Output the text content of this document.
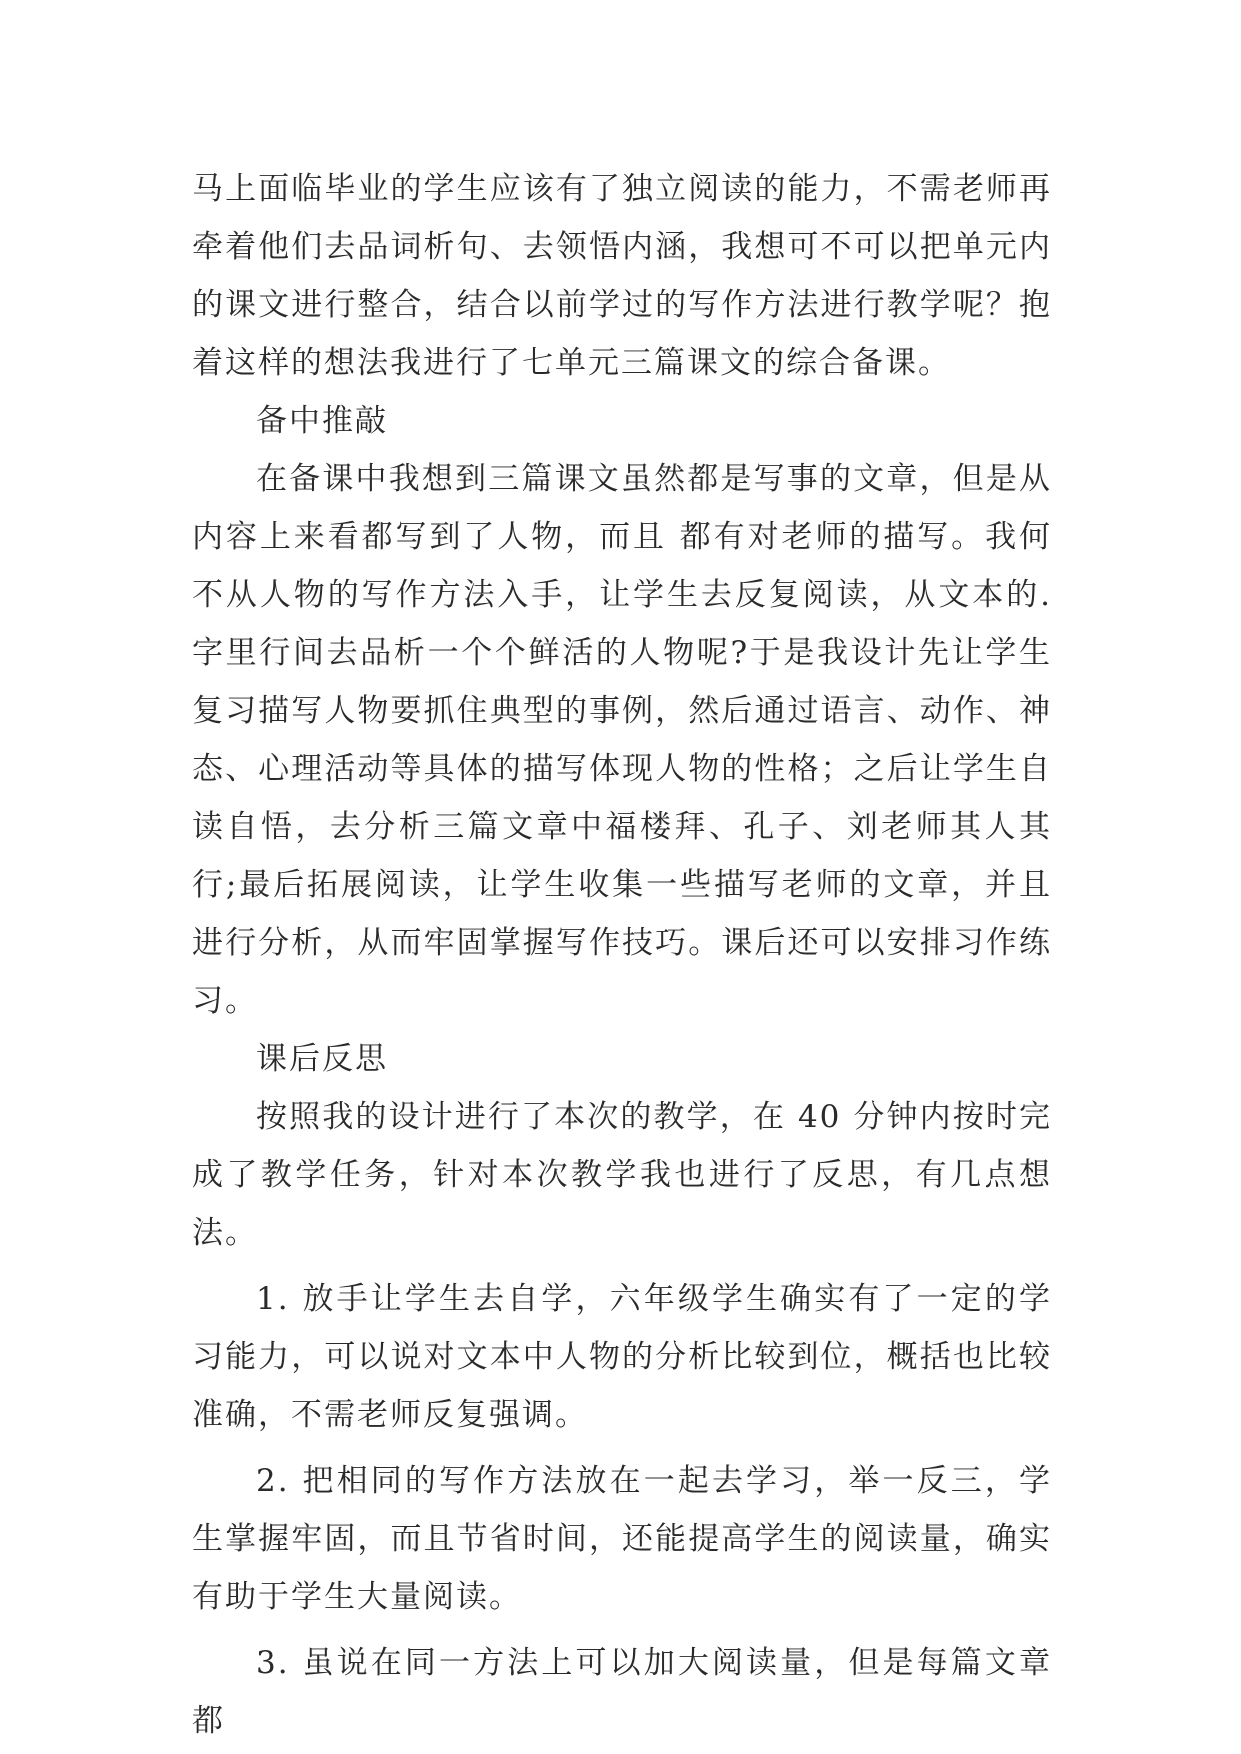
马上面临毕业的学生应该有了独立阅读的能力，不需老师再牵着他们去品词析句、去领悟内涵，我想可不可以把单元内的课文进行整合，结合以前学过的写作方法进行教学呢？抱着这样的想法我进行了七单元三篇课文的综合备课。

备中推敲

在备课中我想到三篇课文虽然都是写事的文章，但是从内容上来看都写到了人物，而且 都有对老师的描写。我何不从人物的写作方法入手，让学生去反复阅读，从文本的.字里行间去品析一个个鲜活的人物呢?于是我设计先让学生复习描写人物要抓住典型的事例，然后通过语言、动作、神态、心理活动等具体的描写体现人物的性格；之后让学生自读自悟，去分析三篇文章中福楼拜、孔子、刘老师其人其行;最后拓展阅读，让学生收集一些描写老师的文章，并且进行分析，从而牢固掌握写作技巧。课后还可以安排习作练习。

课后反思

按照我的设计进行了本次的教学，在 40 分钟内按时完成了教学任务，针对本次教学我也进行了反思，有几点想法。

1. 放手让学生去自学，六年级学生确实有了一定的学习能力，可以说对文本中人物的分析比较到位，概括也比较准确，不需老师反复强调。

2. 把相同的写作方法放在一起去学习，举一反三，学生掌握牢固，而且节省时间，还能提高学生的阅读量，确实有助于学生大量阅读。

3. 虽说在同一方法上可以加大阅读量，但是每篇文章都
